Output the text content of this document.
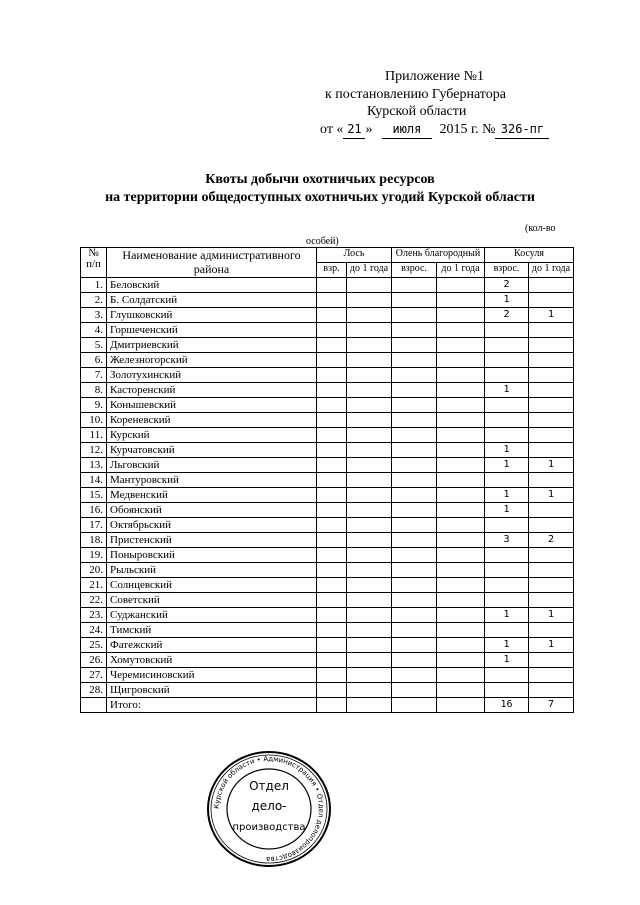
Приложение №1
к постановлению Губернатора
Курской области
от « 21 » июля 2015 г. № 326-пг
Квоты добычи охотничьих ресурсов
на территории общедоступных охотничьих угодий Курской области
(кол-во
особей)
№ п/п	Наименование административного района	Лось		Олень благородный		Косуля	
		взр.	до 1 года	взрос.	до 1 года	взрос.	до 1 года
1.	Беловский					2	
2.	Б. Солдатский					1	
3.	Глушковский					2	1
4.	Горшеченский						
5.	Дмитриевский						
6.	Железногорский						
7.	Золотухинский						
8.	Касторенский					1	
9.	Конышевский						
10.	Кореневский						
11.	Курский						
12.	Курчатовский					1	
13.	Льговский					1	1
14.	Мантуровский						
15.	Медвенский					1	1
16.	Обоянский					1	
17.	Октябрьский						
18.	Пристенский					3	2
19.	Поныровский						
20.	Рыльский						
21.	Солнцевский						
22.	Советский						
23.	Суджанский					1	1
24.	Тимский						
25.	Фатежский					1	1
26.	Хомутовский					1	
27.	Черемисиновский						
28.	Щигровский						
	Итого:					16	7
Курской области • Администрация • Отдел делопроизводства
Отдел
дело-
производства
